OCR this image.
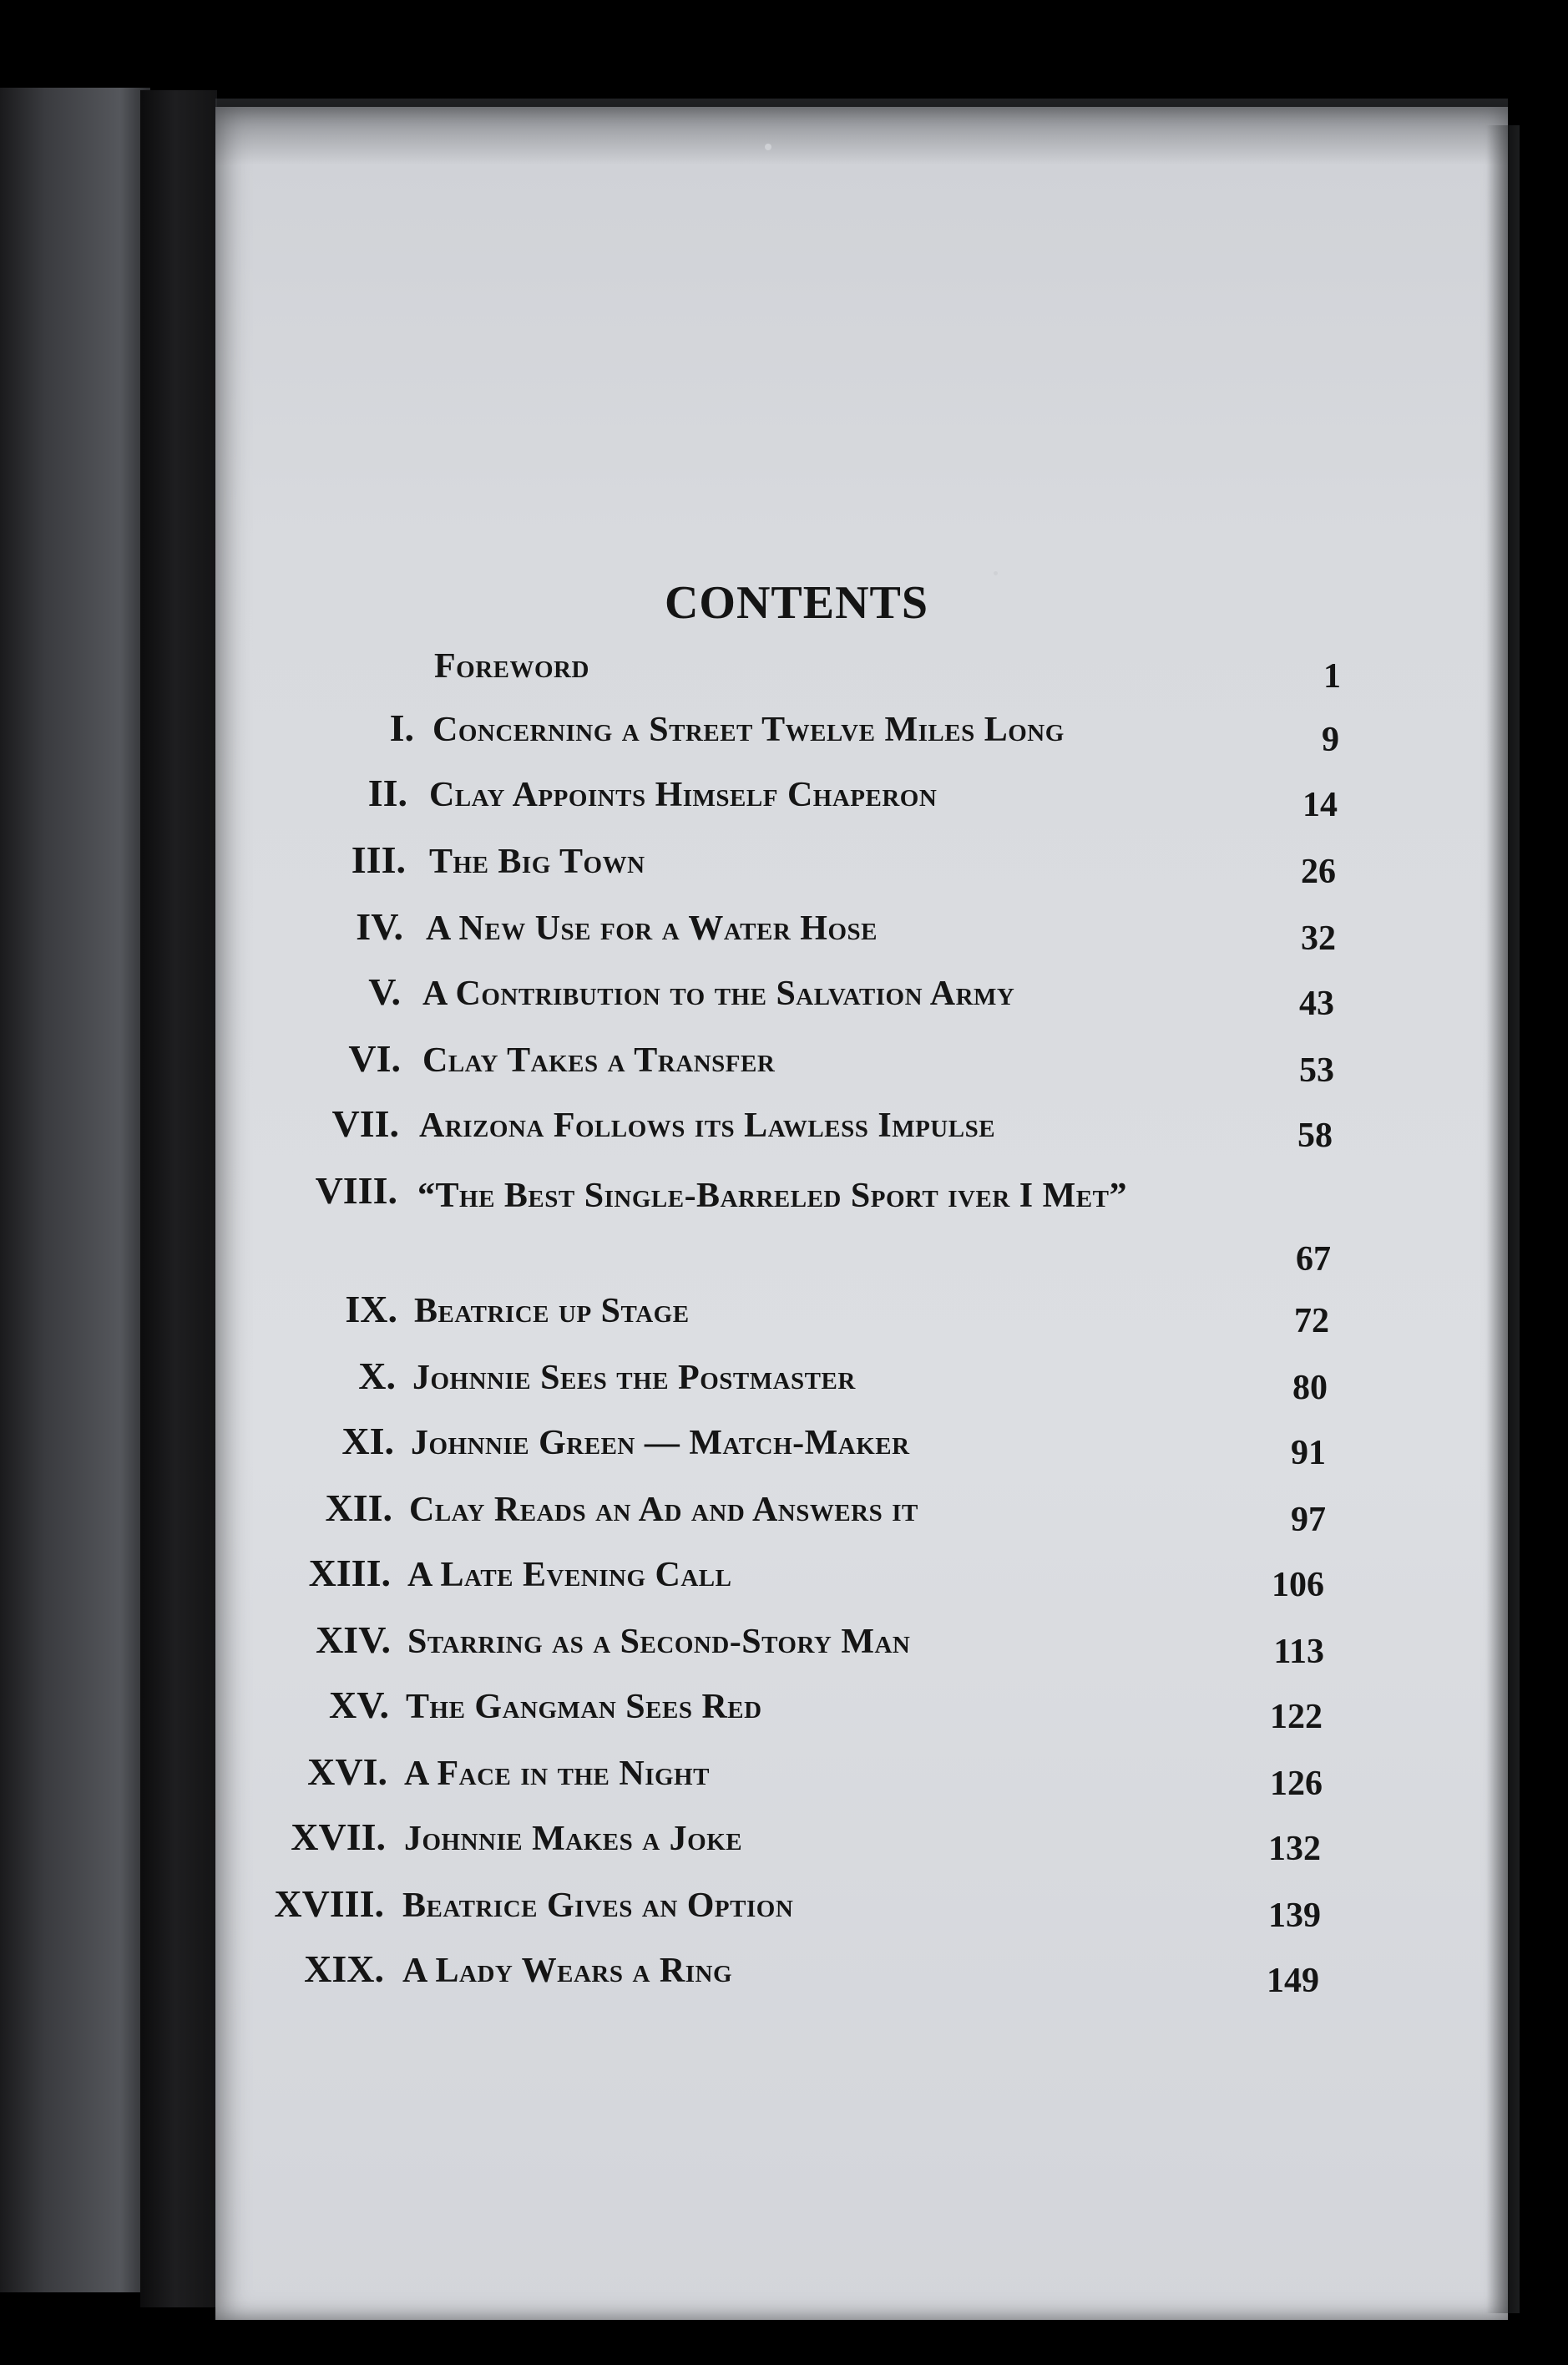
CONTENTS
Foreword	1
I. Concerning a Street Twelve Miles Long	9
II. Clay Appoints Himself Chaperon	14
III. The Big Town	26
IV. A New Use for a Water Hose	32
V. A Contribution to the Salvation Army	43
VI. Clay Takes a Transfer	53
VII. Arizona Follows its Lawless Impulse	58
VIII. “The Best Single-Barreled Sport iver I Met”
67
IX. Beatrice up Stage	72
X. Johnnie Sees the Postmaster	80
XI. Johnnie Green — Match-Maker	91
XII. Clay Reads an Ad and Answers it	97
XIII. A Late Evening Call	106
XIV. Starring as a Second-Story Man	113
XV. The Gangman Sees Red	122
XVI. A Face in the Night	126
XVII. Johnnie Makes a Joke	132
XVIII. Beatrice Gives an Option	139
XIX. A Lady Wears a Ring	149
